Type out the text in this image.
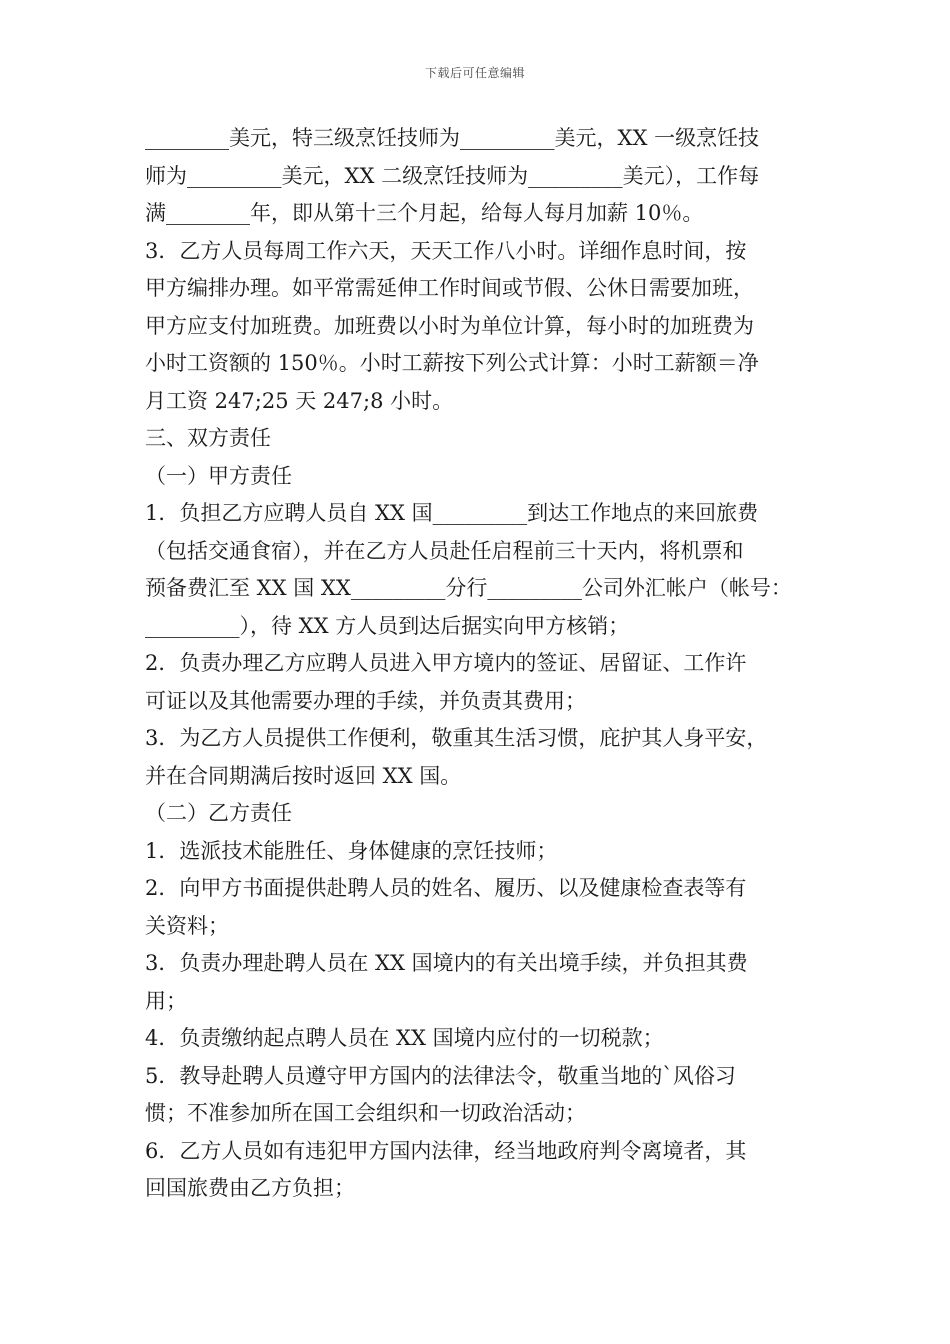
下载后可任意编辑

________美元，特三级烹饪技师为_________美元，XX 一级烹饪技

师为_________美元，XX 二级烹饪技师为_________美元），工作每

满________年，即从第十三个月起，给每人每月加薪 10％。

3．乙方人员每周工作六天，天天工作八小时。详细作息时间，按

甲方编排办理。如平常需延伸工作时间或节假、公休日需要加班，

甲方应支付加班费。加班费以小时为单位计算，每小时的加班费为

小时工资额的 150％。小时工薪按下列公式计算：小时工薪额＝净

月工资 247;25 天 247;8 小时。

三、双方责任

（一）甲方责任

1．负担乙方应聘人员自 XX 国_________到达工作地点的来回旅费

（包括交通食宿），并在乙方人员赴任启程前三十天内，将机票和

预备费汇至 XX 国 XX_________分行_________公司外汇帐户（帐号：

_________），待 XX 方人员到达后据实向甲方核销；

2．负责办理乙方应聘人员进入甲方境内的签证、居留证、工作许

可证以及其他需要办理的手续，并负责其费用；

3．为乙方人员提供工作便利，敬重其生活习惯，庇护其人身平安，

并在合同期满后按时返回 XX 国。

（二）乙方责任

1．选派技术能胜任、身体健康的烹饪技师；

2．向甲方书面提供赴聘人员的姓名、履历、以及健康检查表等有

关资料；

3．负责办理赴聘人员在 XX 国境内的有关出境手续，并负担其费

用；

4．负责缴纳起点聘人员在 XX 国境内应付的一切税款；

5．教导赴聘人员遵守甲方国内的法律法令，敬重当地的`风俗习

惯；不准参加所在国工会组织和一切政治活动；

6．乙方人员如有违犯甲方国内法律，经当地政府判令离境者，其

回国旅费由乙方负担；
